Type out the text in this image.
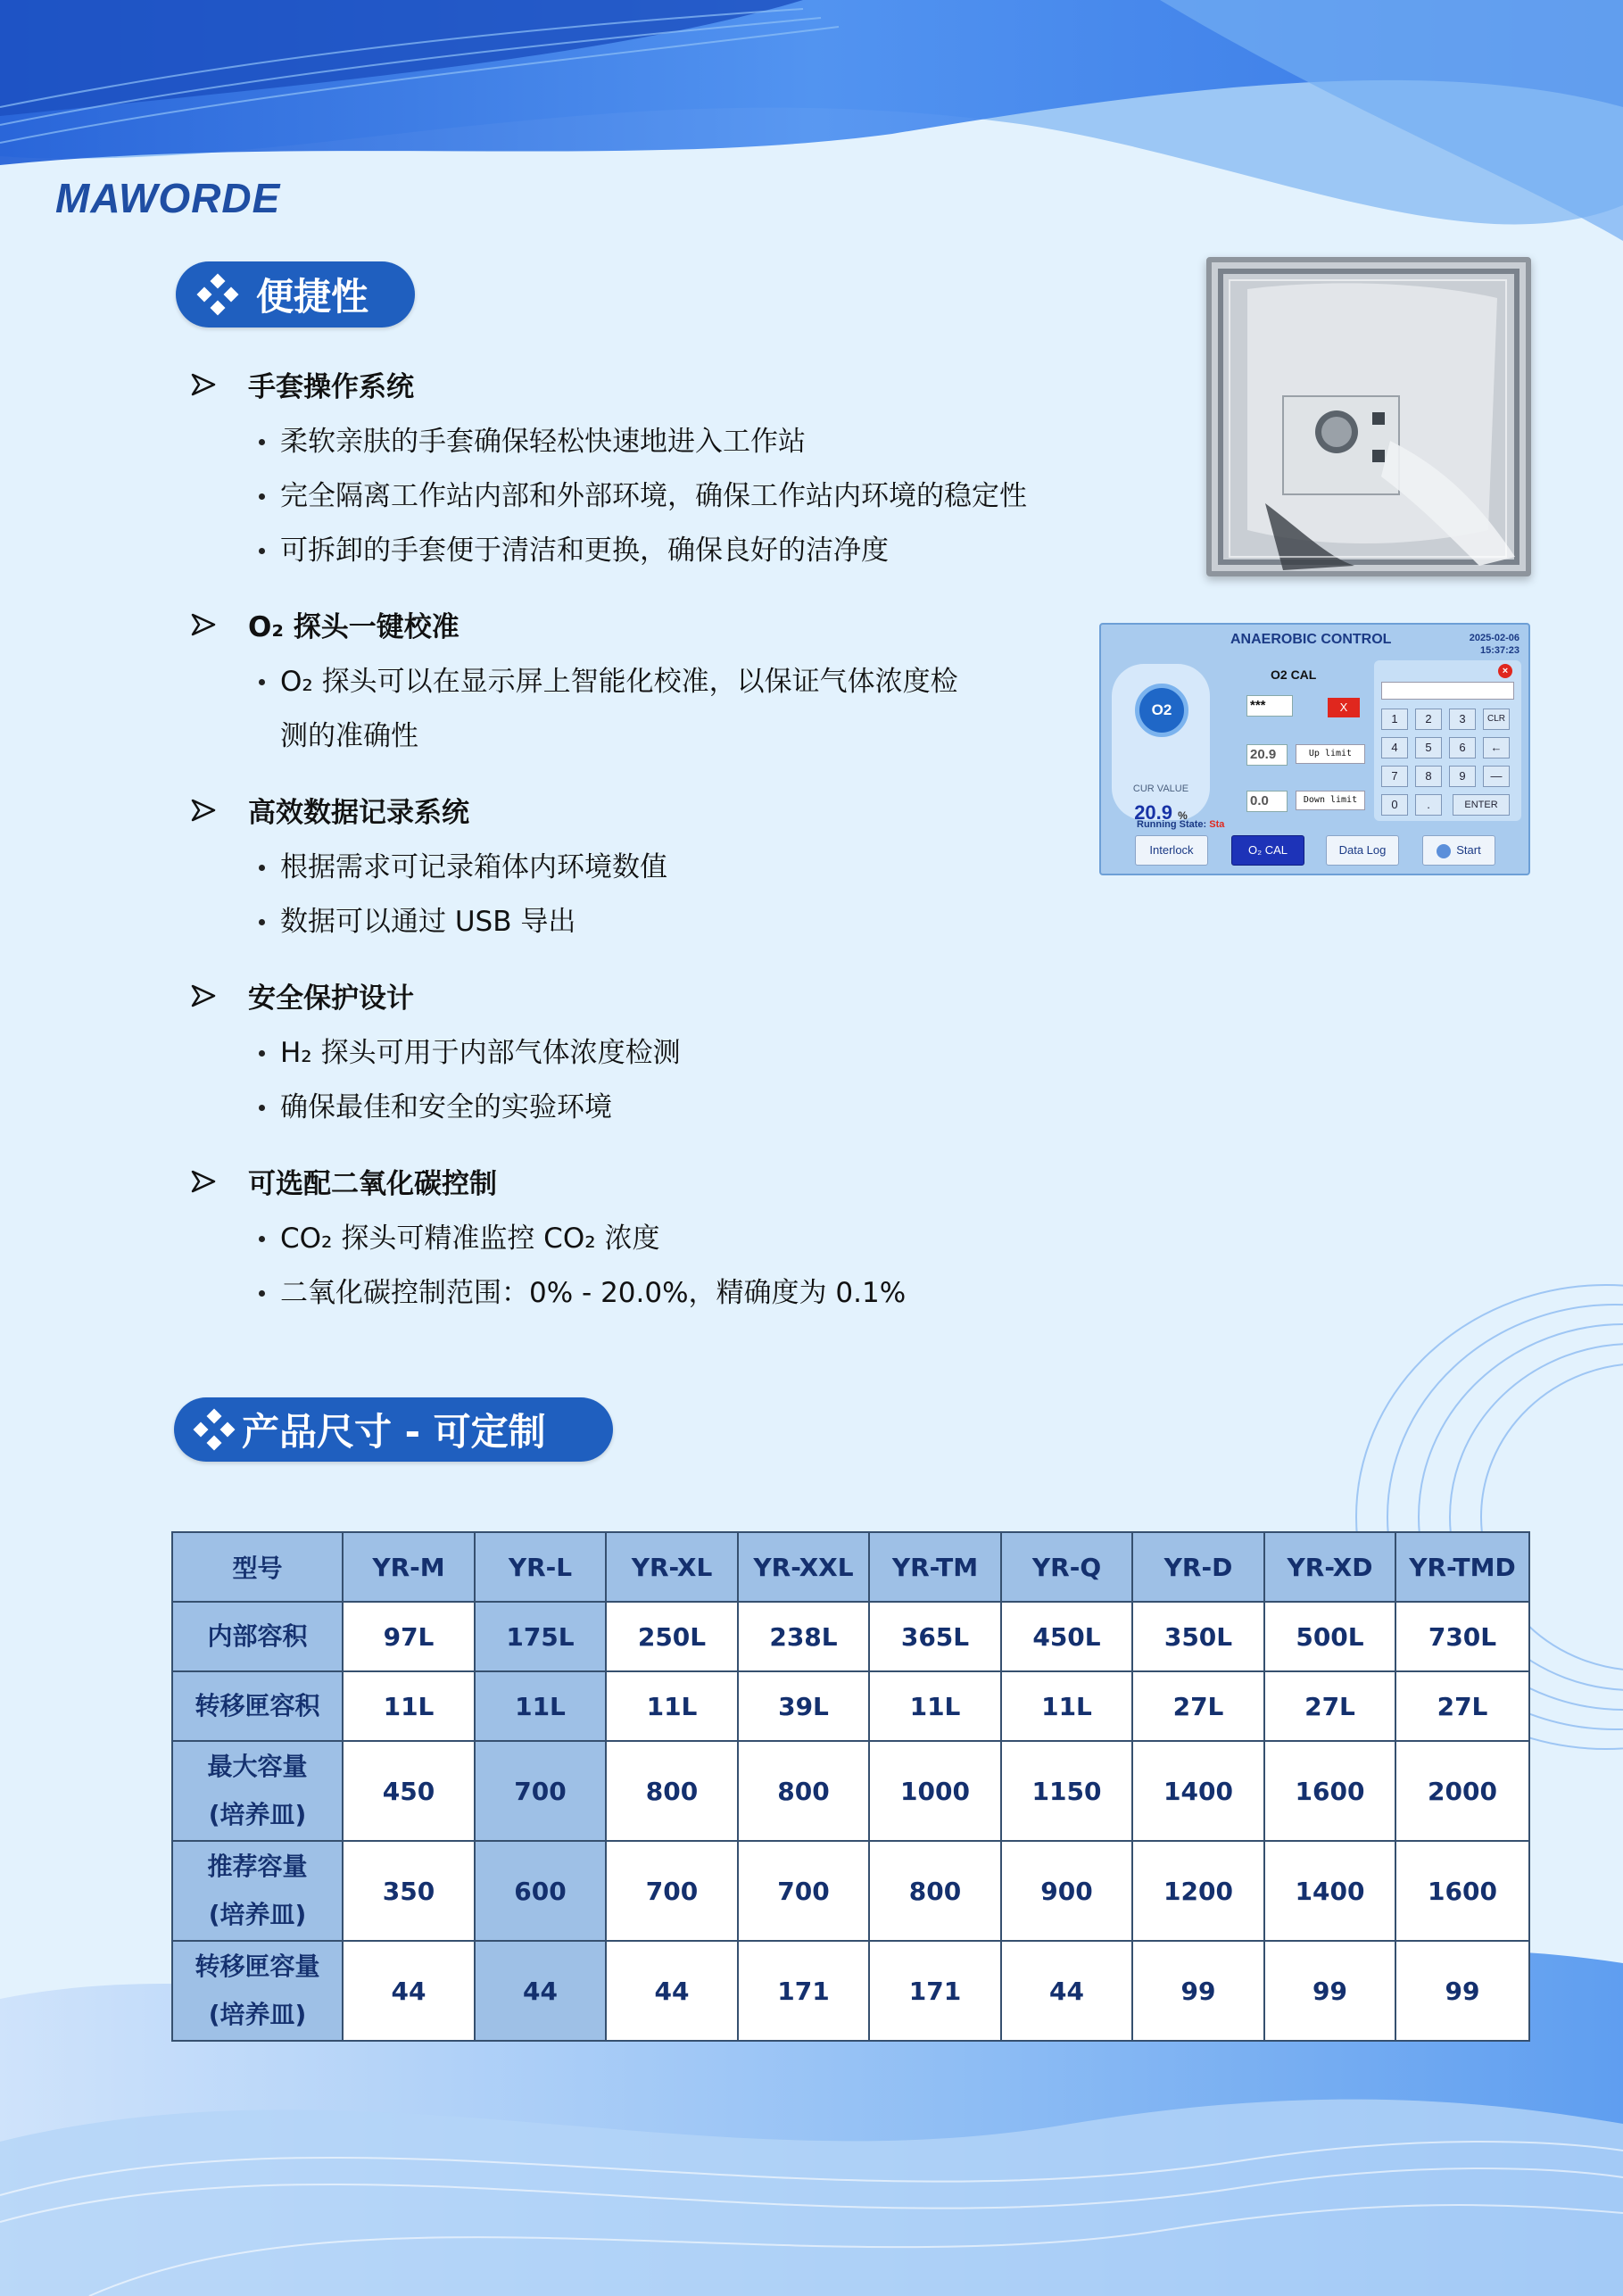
MAWORDE
便捷性
手套操作系统
柔软亲肤的手套确保轻松快速地进入工作站
完全隔离工作站内部和外部环境，确保工作站内环境的稳定性
可拆卸的手套便于清洁和更换，确保良好的洁净度
O₂ 探头一键校准
O₂ 探头可以在显示屏上智能化校准，以保证气体浓度检测的准确性
高效数据记录系统
根据需求可记录箱体内环境数值
数据可以通过 USB 导出
安全保护设计
H₂ 探头可用于内部气体浓度检测
确保最佳和安全的实验环境
可选配二氧化碳控制
CO₂ 探头可精准监控 CO₂ 浓度
二氧化碳控制范围：0% - 20.0%，精确度为 0.1%
ANAEROBIC CONTROL	2025-02-06
15:37:23
O2
CUR VALUE
20.9 %
Running State: Sta
O2 CAL
***	X
20.9	Up limit
0.0	Down limit
×
1	2	3	CLR
4	5	6	←
7	8	9	—
0	.	ENTER
Interlock	O₂ CAL	Data Log	Start
产品尺寸 - 可定制
型号	YR-M	YR-L	YR-XL	YR-XXL	YR-TM	YR-Q	YR-D	YR-XD	YR-TMD

内部容积	97L	175L	250L	238L	365L	450L	350L	500L	730L

转移匣容积	11L	11L	11L	39L	11L	11L	27L	27L	27L

最大容量
(培养皿)	450	700	800	800	1000	1150	1400	1600	2000

推荐容量
(培养皿)	350	600	700	700	800	900	1200	1400	1600

转移匣容量
(培养皿)	44	44	44	171	171	44	99	99	99
